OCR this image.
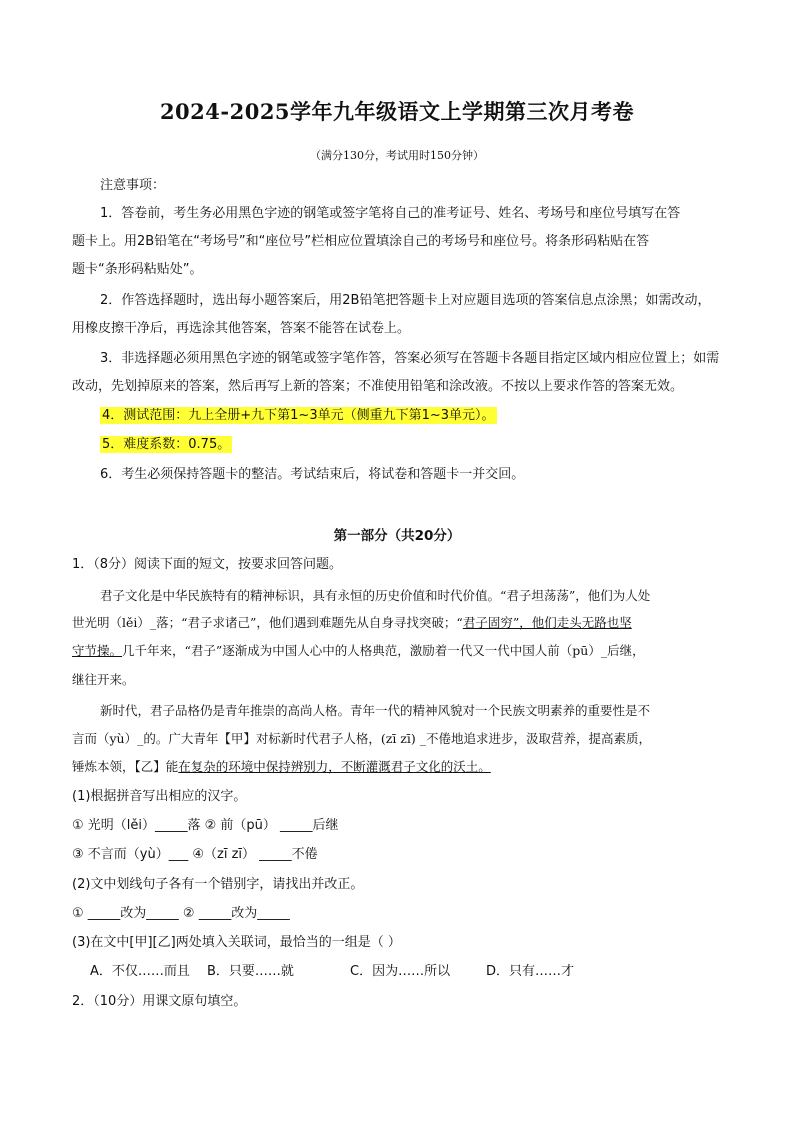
2024-2025学年九年级语文上学期第三次月考卷
（满分130分，考试用时150分钟）
注意事项：
1．答卷前，考生务必用黑色字迹的钢笔或签字笔将自己的准考证号、姓名、考场号和座位号填写在答
题卡上。用2B铅笔在“考场号”和“座位号”栏相应位置填涂自己的考场号和座位号。将条形码粘贴在答
题卡“条形码粘贴处”。
2．作答选择题时，选出每小题答案后，用2B铅笔把答题卡上对应题目选项的答案信息点涂黑；如需改动，
用橡皮擦干净后，再选涂其他答案，答案不能答在试卷上。
3．非选择题必须用黑色字迹的钢笔或签字笔作答，答案必须写在答题卡各题目指定区域内相应位置上；如需
改动，先划掉原来的答案，然后再写上新的答案；不准使用铅笔和涂改液。不按以上要求作答的答案无效。
4．测试范围：九上全册+九下第1~3单元（侧重九下第1~3单元）。
5．难度系数：0.75。
6．考生必须保持答题卡的整洁。考试结束后，将试卷和答题卡一并交回。
第一部分（共20分）
1．（8分）阅读下面的短文，按要求回答问题。
君子文化是中华民族特有的精神标识，具有永恒的历史价值和时代价值。“君子坦荡荡”，他们为人处
世光明（lěi）_落；“君子求诸己”，他们遇到难题先从自身寻找突破；“君子固穷”，他们走头无路也坚
守节操。几千年来，“君子”逐渐成为中国人心中的人格典范，激励着一代又一代中国人前（pū）_后继，
继往开来。
新时代，君子品格仍是青年推崇的高尚人格。青年一代的精神风貌对一个民族文明素养的重要性是不
言而（yù）_的。广大青年【甲】对标新时代君子人格，(zī zī) _不倦地追求进步，汲取营养，提高素质，
锤炼本领，【乙】能在复杂的环境中保持辨别力，不断灌溉君子文化的沃土。
(1)根据拼音写出相应的汉字。
① 光明（lěi）_____落 ② 前（pū） _____后继
③ 不言而（yù）___ ④（zī zī） _____不倦
(2)文中划线句子各有一个错别字，请找出并改正。
① _____改为_____ ② _____改为_____
(3)在文中[甲][乙]两处填入关联词，最恰当的一组是（ ）
A．不仅……而且 B．只要……就	C．因为……所以	D．只有……才
2．（10分）用课文原句填空。
